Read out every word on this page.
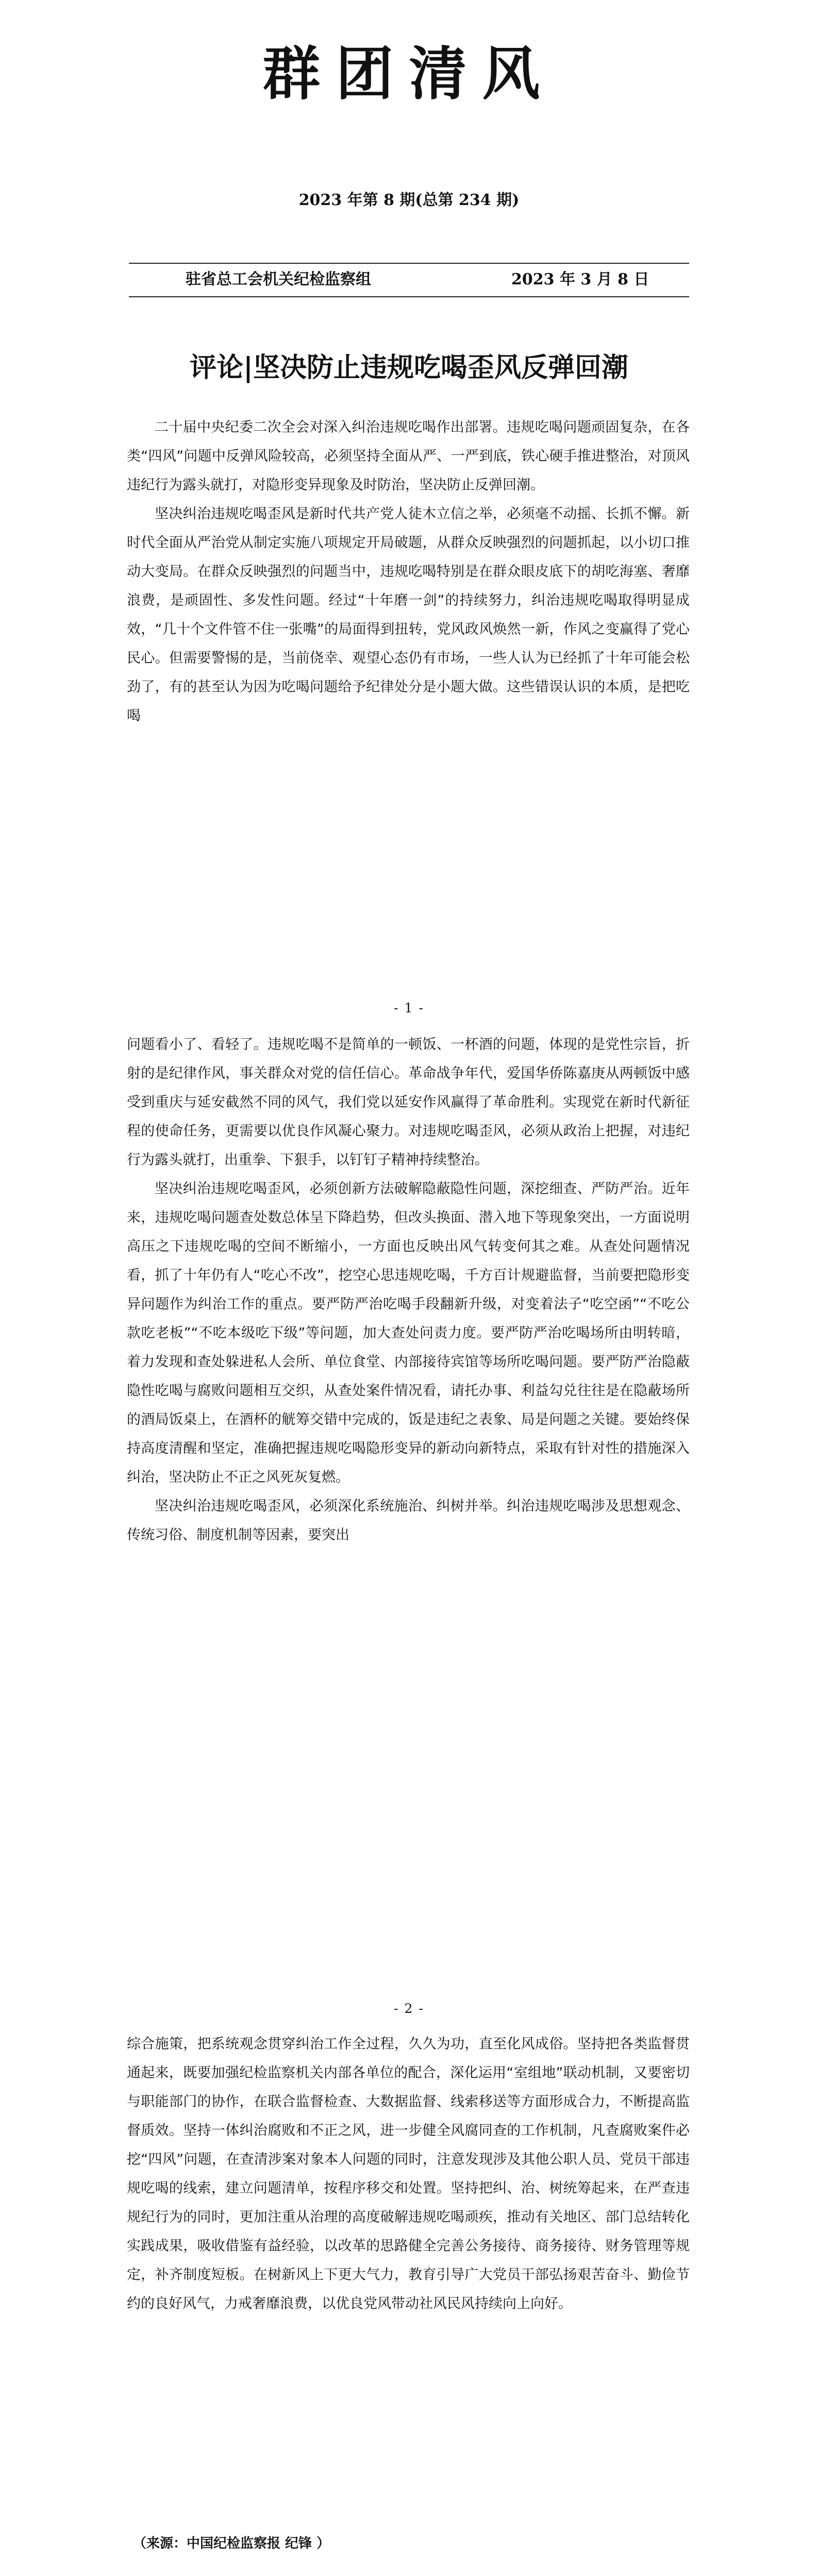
群团清风
2023 年第 8 期(总第 234 期)
驻省总工会机关纪检监察组	2023 年 3 月 8 日
评论|坚决防止违规吃喝歪风反弹回潮

二十届中央纪委二次全会对深入纠治违规吃喝作出部署。违规吃喝问题顽固复杂，在各类“四风”问题中反弹风险较高，必须坚持全面从严、一严到底，铁心硬手推进整治，对顶风违纪行为露头就打，对隐形变异现象及时防治，坚决防止反弹回潮。

坚决纠治违规吃喝歪风是新时代共产党人徒木立信之举，必须毫不动摇、长抓不懈。新时代全面从严治党从制定实施八项规定开局破题，从群众反映强烈的问题抓起，以小切口推动大变局。在群众反映强烈的问题当中，违规吃喝特别是在群众眼皮底下的胡吃海塞、奢靡浪费，是顽固性、多发性问题。经过“十年磨一剑”的持续努力，纠治违规吃喝取得明显成效，“几十个文件管不住一张嘴”的局面得到扭转，党风政风焕然一新，作风之变赢得了党心民心。但需要警惕的是，当前侥幸、观望心态仍有市场，一些人认为已经抓了十年可能会松劲了，有的甚至认为因为吃喝问题给予纪律处分是小题大做。这些错误认识的本质，是把吃喝

- 1 -

问题看小了、看轻了。违规吃喝不是简单的一顿饭、一杯酒的问题，体现的是党性宗旨，折射的是纪律作风，事关群众对党的信任信心。革命战争年代，爱国华侨陈嘉庚从两顿饭中感受到重庆与延安截然不同的风气，我们党以延安作风赢得了革命胜利。实现党在新时代新征程的使命任务，更需要以优良作风凝心聚力。对违规吃喝歪风，必须从政治上把握，对违纪行为露头就打，出重拳、下狠手，以钉钉子精神持续整治。

坚决纠治违规吃喝歪风，必须创新方法破解隐蔽隐性问题，深挖细查、严防严治。近年来，违规吃喝问题查处数总体呈下降趋势，但改头换面、潜入地下等现象突出，一方面说明高压之下违规吃喝的空间不断缩小，一方面也反映出风气转变何其之难。从查处问题情况看，抓了十年仍有人“吃心不改”，挖空心思违规吃喝，千方百计规避监督，当前要把隐形变异问题作为纠治工作的重点。要严防严治吃喝手段翻新升级，对变着法子“吃空函”“不吃公款吃老板”“不吃本级吃下级”等问题，加大查处问责力度。要严防严治吃喝场所由明转暗，着力发现和查处躲进私人会所、单位食堂、内部接待宾馆等场所吃喝问题。要严防严治隐蔽隐性吃喝与腐败问题相互交织，从查处案件情况看，请托办事、利益勾兑往往是在隐蔽场所的酒局饭桌上，在酒杯的觥筹交错中完成的，饭是违纪之表象、局是问题之关键。要始终保持高度清醒和坚定，准确把握违规吃喝隐形变异的新动向新特点，采取有针对性的措施深入纠治，坚决防止不正之风死灰复燃。

坚决纠治违规吃喝歪风，必须深化系统施治、纠树并举。纠治违规吃喝涉及思想观念、传统习俗、制度机制等因素，要突出

- 2 -

综合施策，把系统观念贯穿纠治工作全过程，久久为功，直至化风成俗。坚持把各类监督贯通起来，既要加强纪检监察机关内部各单位的配合，深化运用“室组地”联动机制，又要密切与职能部门的协作，在联合监督检查、大数据监督、线索移送等方面形成合力，不断提高监督质效。坚持一体纠治腐败和不正之风，进一步健全风腐同查的工作机制，凡查腐败案件必挖“四风”问题，在查清涉案对象本人问题的同时，注意发现涉及其他公职人员、党员干部违规吃喝的线索，建立问题清单，按程序移交和处置。坚持把纠、治、树统筹起来，在严查违规纪行为的同时，更加注重从治理的高度破解违规吃喝顽疾，推动有关地区、部门总结转化实践成果，吸收借鉴有益经验，以改革的思路健全完善公务接待、商务接待、财务管理等规定，补齐制度短板。在树新风上下更大气力，教育引导广大党员干部弘扬艰苦奋斗、勤俭节约的良好风气，力戒奢靡浪费，以优良党风带动社风民风持续向上向好。

（来源：中国纪检监察报 纪锋 ）
